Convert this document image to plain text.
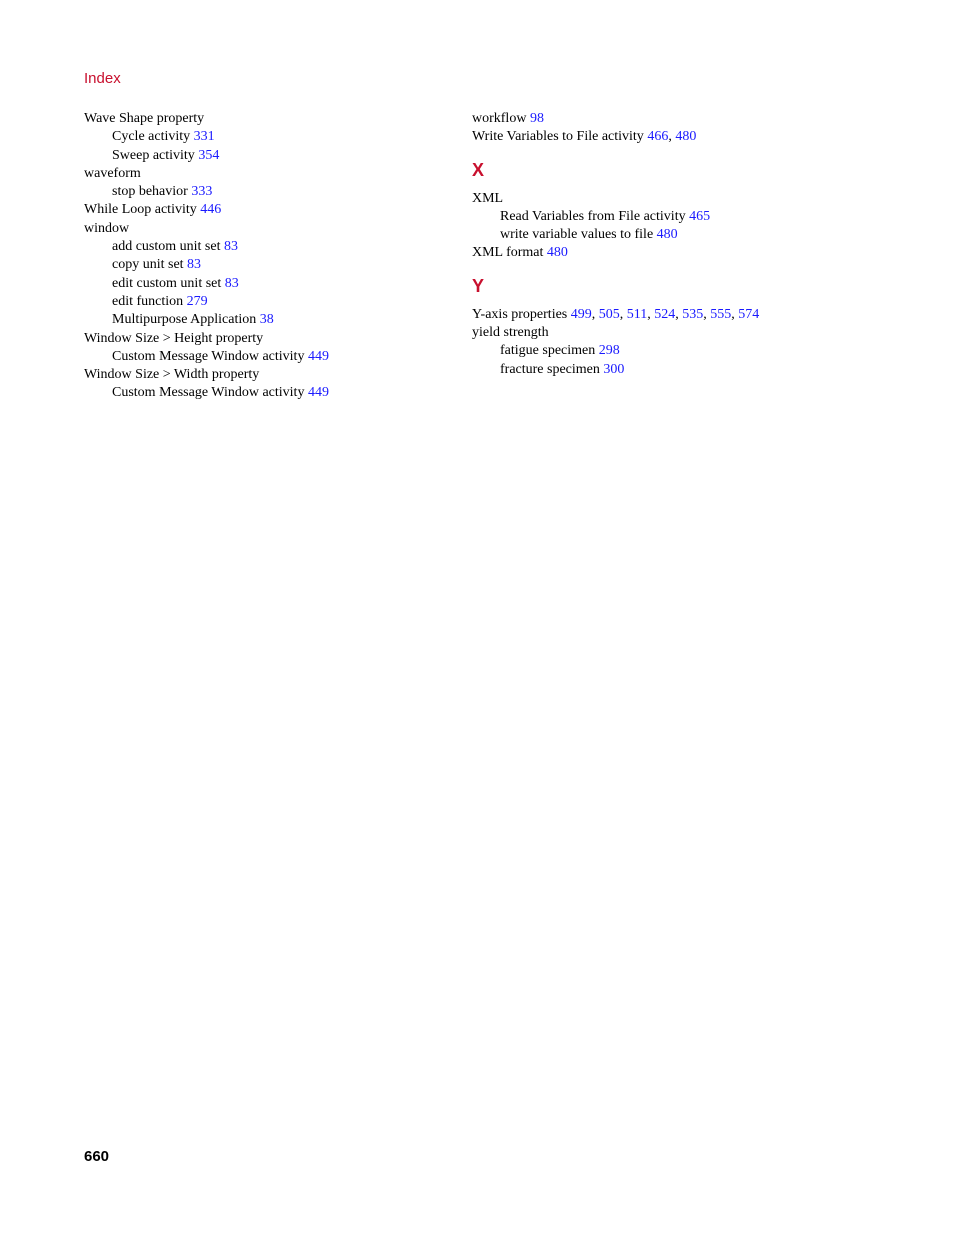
Index
Wave Shape property
Cycle activity 331
Sweep activity 354
waveform
stop behavior 333
While Loop activity 446
window
add custom unit set 83
copy unit set 83
edit custom unit set 83
edit function 279
Multipurpose Application 38
Window Size > Height property
Custom Message Window activity 449
Window Size > Width property
Custom Message Window activity 449
workflow 98
Write Variables to File activity 466, 480
X
XML
Read Variables from File activity 465
write variable values to file 480
XML format 480
Y
Y-axis properties 499, 505, 511, 524, 535, 555, 574
yield strength
fatigue specimen 298
fracture specimen 300
660
